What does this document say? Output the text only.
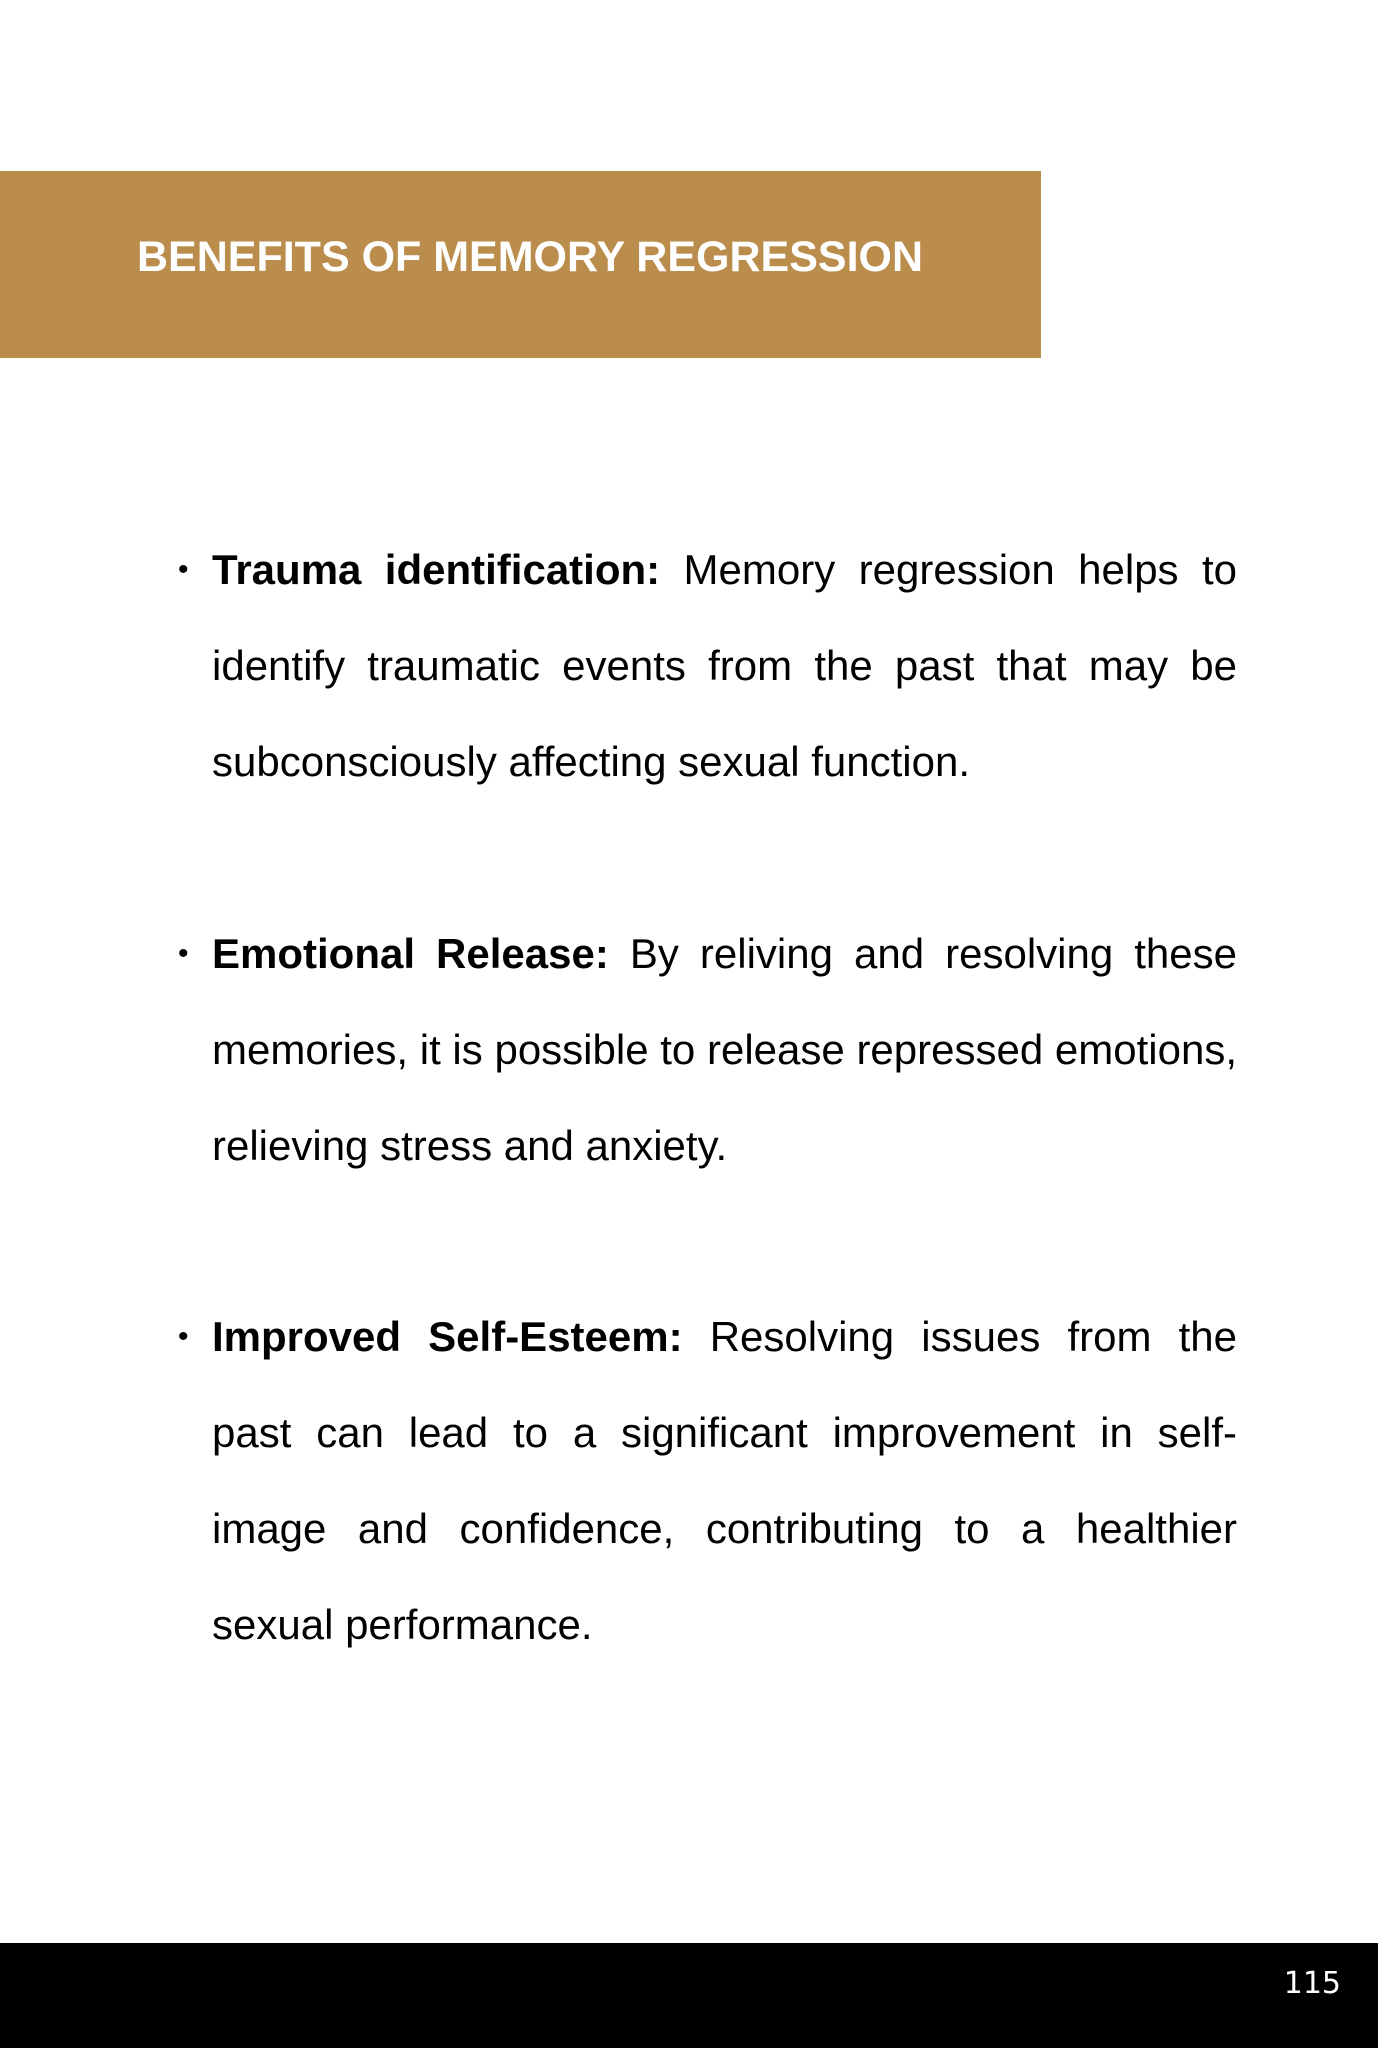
BENEFITS OF MEMORY REGRESSION
• Trauma identification: Memory regression helps to identify traumatic events from the past that may be subconsciously affecting sexual function.
• Emotional Release: By reliving and resolving these memories, it is possible to release repressed emotions, relieving stress and anxiety.
• Improved Self-Esteem: Resolving issues from the past can lead to a significant improvement in self-image and confidence, contributing to a healthier sexual performance.
115
